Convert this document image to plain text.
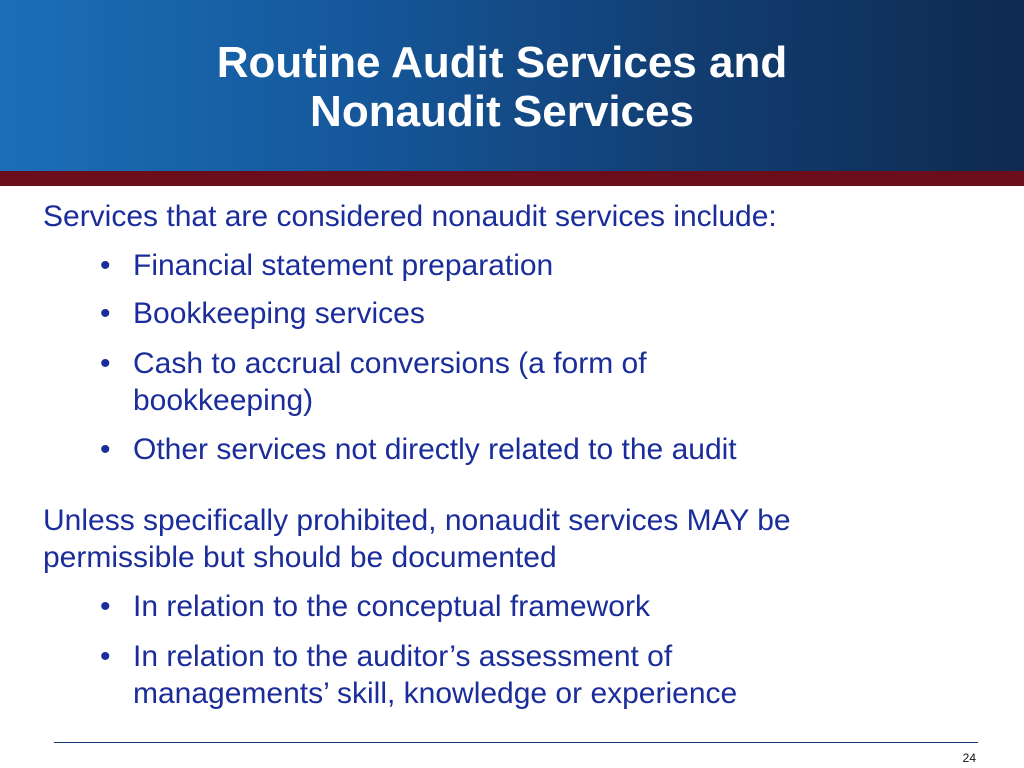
Routine Audit Services and
Nonaudit Services
Services that are considered nonaudit services include:
• Financial statement preparation
• Bookkeeping services
• Cash to accrual conversions (a form of
bookkeeping)
• Other services not directly related to the audit
Unless specifically prohibited, nonaudit services MAY be
permissible but should be documented
• In relation to the conceptual framework
• In relation to the auditor’s assessment of
managements’ skill, knowledge or experience
24
